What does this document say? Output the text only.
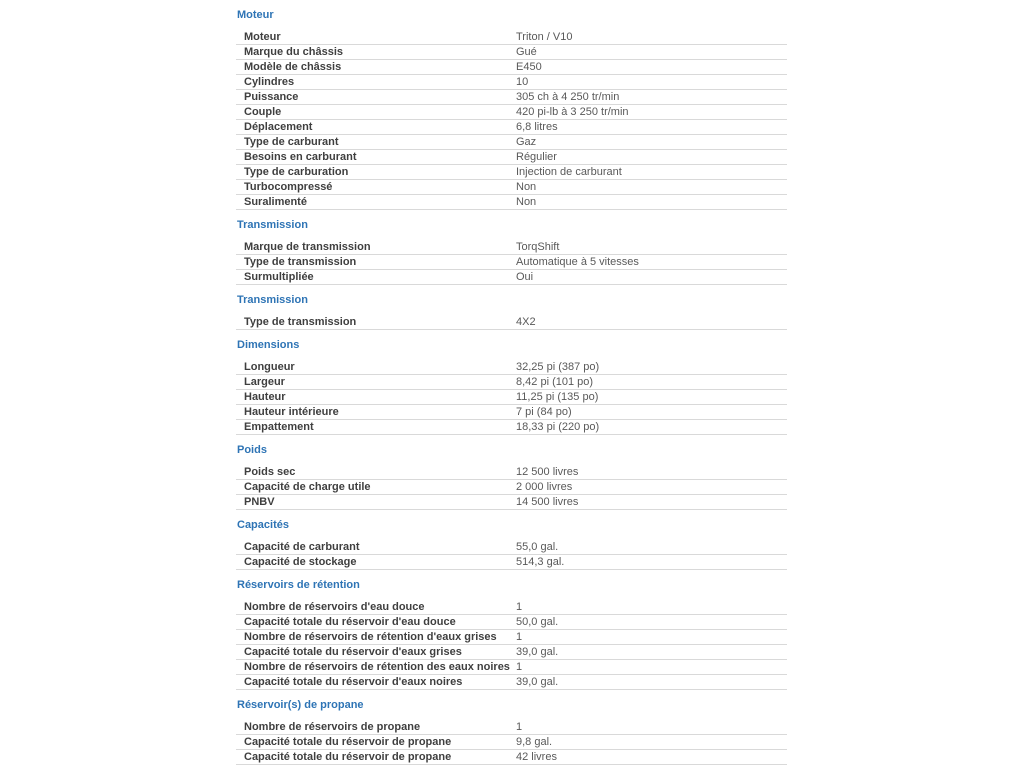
Moteur
Moteur	Triton / V10
Marque du châssis	Gué
Modèle de châssis	E450
Cylindres	10
Puissance	305 ch à 4 250 tr/min
Couple	420 pi-lb à 3 250 tr/min
Déplacement	6,8 litres
Type de carburant	Gaz
Besoins en carburant	Régulier
Type de carburation	Injection de carburant
Turbocompressé	Non
Suralimenté	Non
Transmission
Marque de transmission	TorqShift
Type de transmission	Automatique à 5 vitesses
Surmultipliée	Oui
Transmission
Type de transmission	4X2
Dimensions
Longueur	32,25 pi (387 po)
Largeur	8,42 pi (101 po)
Hauteur	11,25 pi (135 po)
Hauteur intérieure	7 pi (84 po)
Empattement	18,33 pi (220 po)
Poids
Poids sec	12 500 livres
Capacité de charge utile	2 000 livres
PNBV	14 500 livres
Capacités
Capacité de carburant	55,0 gal.
Capacité de stockage	514,3 gal.
Réservoirs de rétention
Nombre de réservoirs d'eau douce	1
Capacité totale du réservoir d'eau douce	50,0 gal.
Nombre de réservoirs de rétention d'eaux grises	1
Capacité totale du réservoir d'eaux grises	39,0 gal.
Nombre de réservoirs de rétention des eaux noires 1
Capacité totale du réservoir d'eaux noires	39,0 gal.
Réservoir(s) de propane
Nombre de réservoirs de propane	1
Capacité totale du réservoir de propane	9,8 gal.
Capacité totale du réservoir de propane	42 livres
